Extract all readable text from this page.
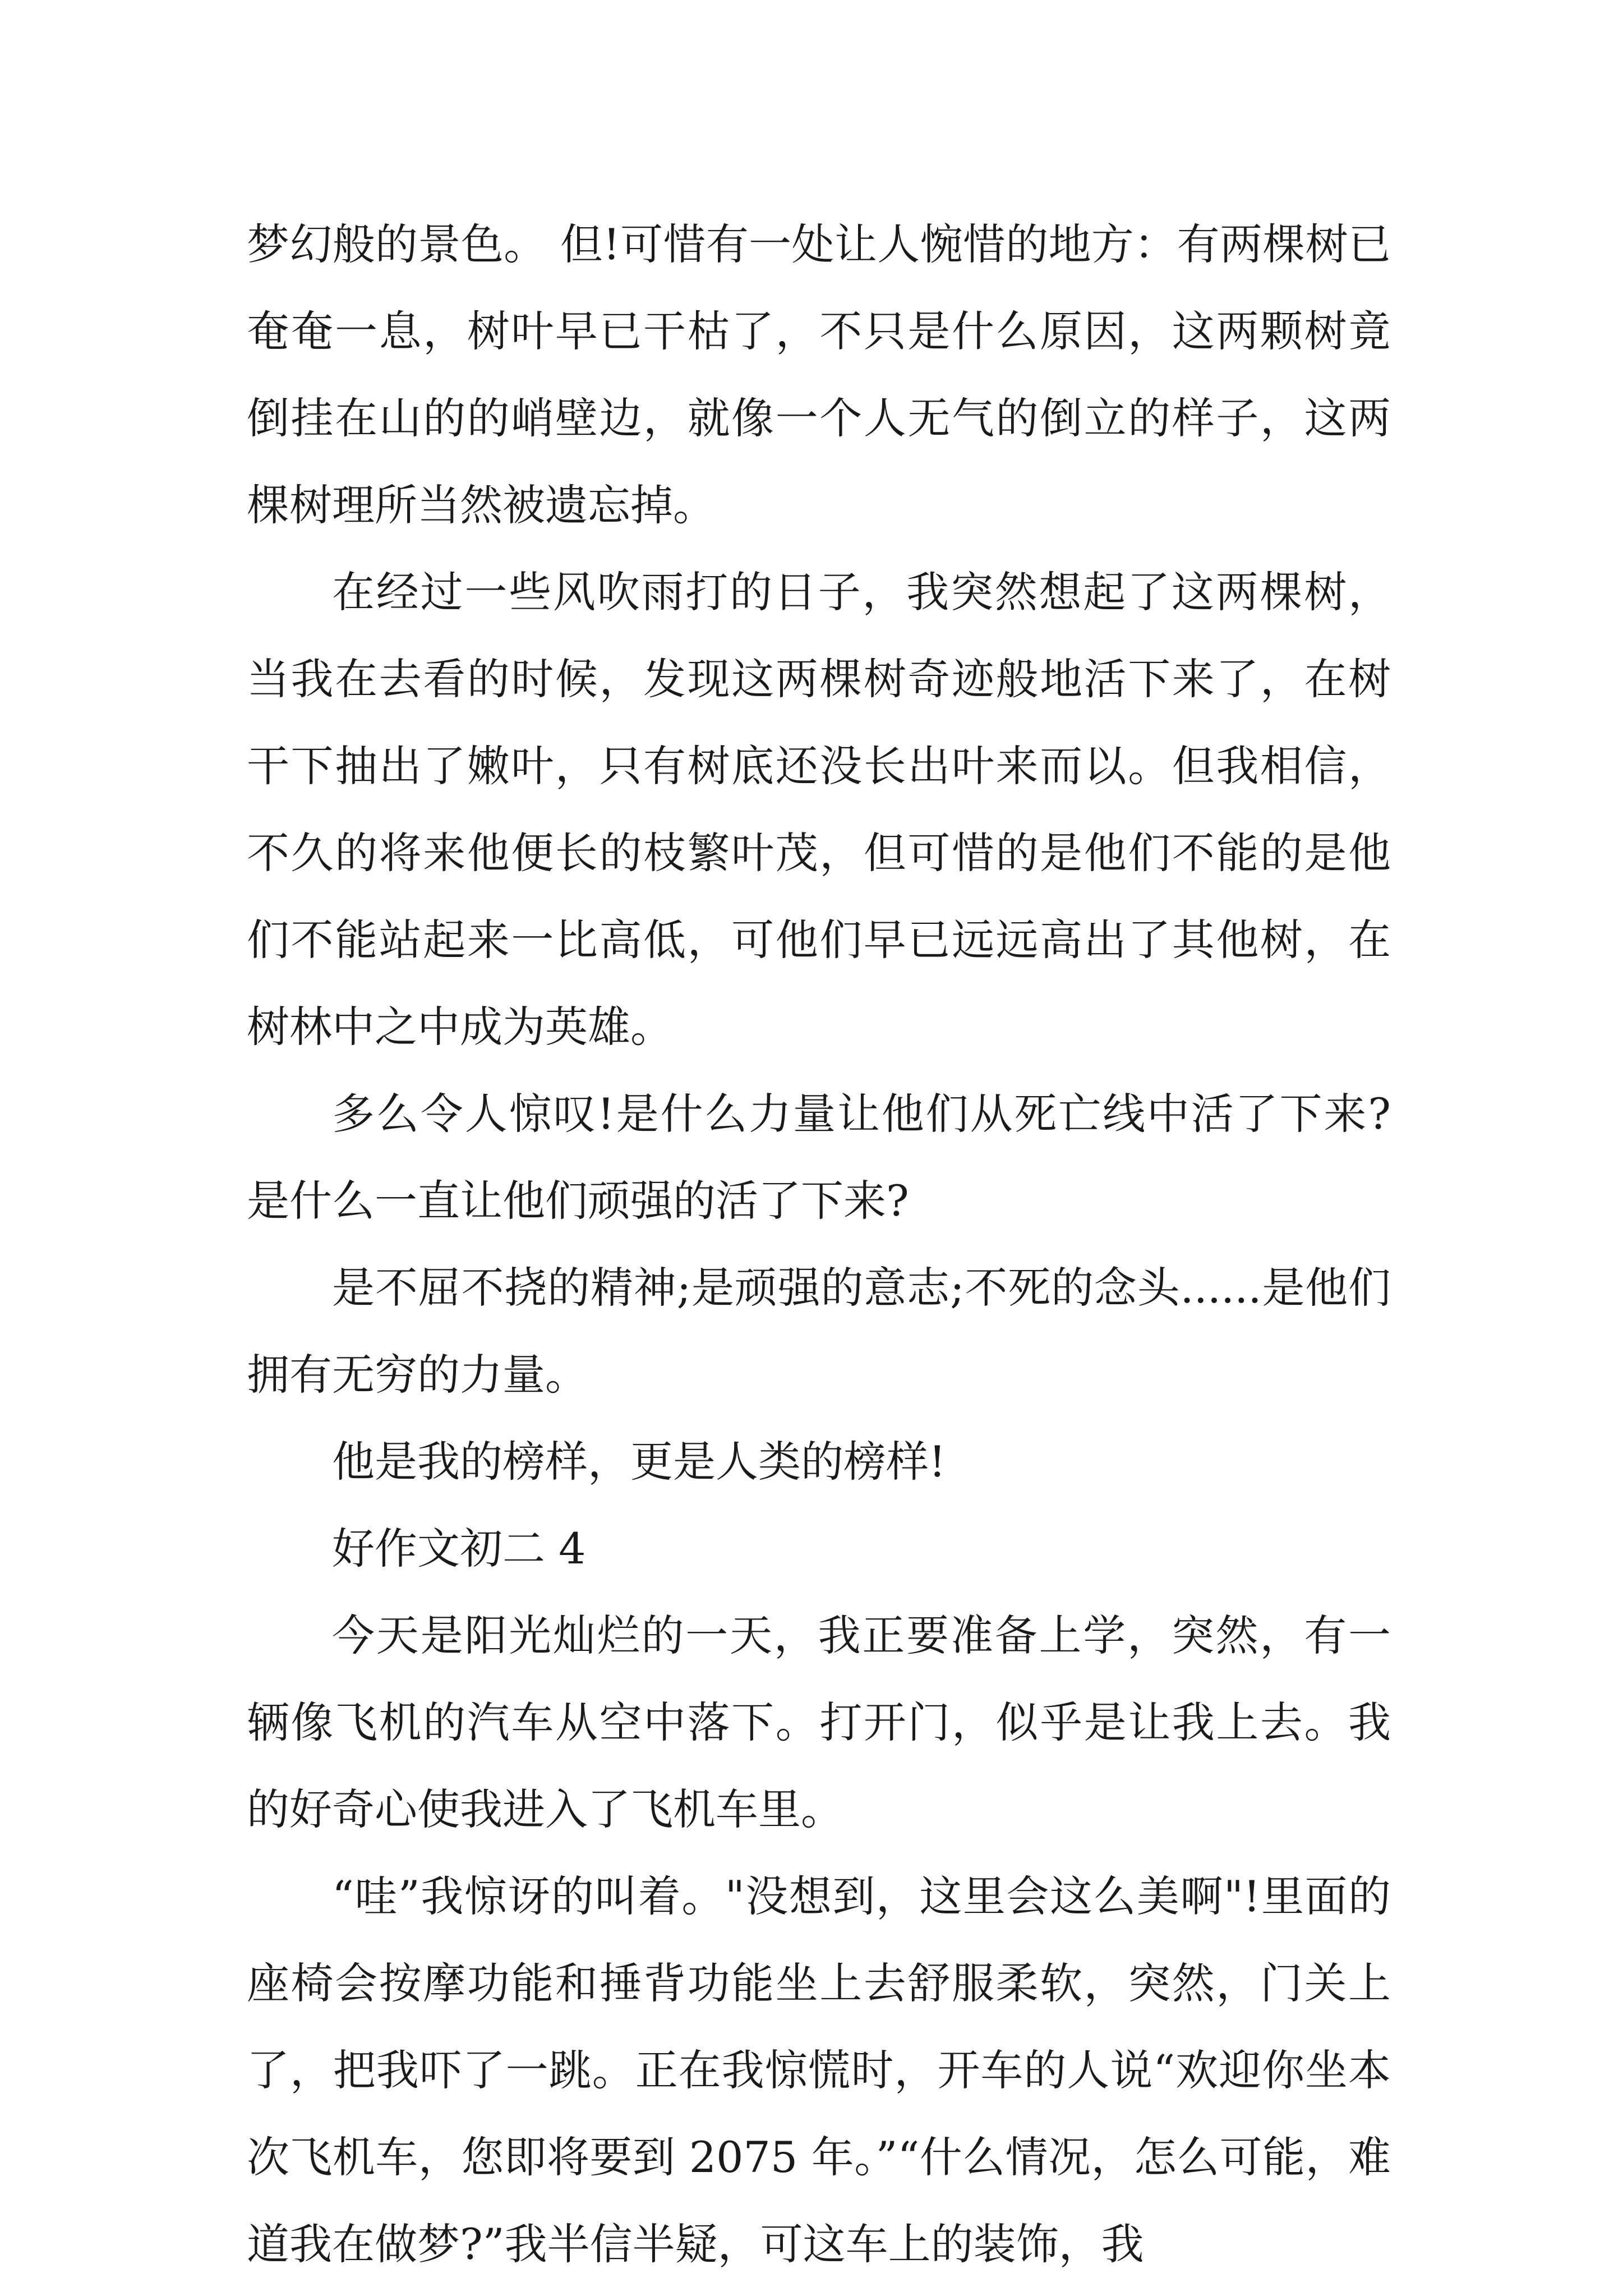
梦幻般的景色。 但!可惜有一处让人惋惜的地方：有两棵树已奄奄一息，树叶早已干枯了，不只是什么原因，这两颗树竟倒挂在山的的峭壁边，就像一个人无气的倒立的样子，这两棵树理所当然被遗忘掉。

在经过一些风吹雨打的日子，我突然想起了这两棵树，当我在去看的时候，发现这两棵树奇迹般地活下来了，在树干下抽出了嫩叶，只有树底还没长出叶来而以。但我相信，不久的将来他便长的枝繁叶茂，但可惜的是他们不能的是他们不能站起来一比高低，可他们早已远远高出了其他树，在树林中之中成为英雄。

多么令人惊叹!是什么力量让他们从死亡线中活了下来?是什么一直让他们顽强的活了下来?

是不屈不挠的精神;是顽强的意志;不死的念头......是他们拥有无穷的力量。

他是我的榜样，更是人类的榜样!

好作文初二 4

今天是阳光灿烂的一天，我正要准备上学，突然，有一辆像飞机的汽车从空中落下。打开门，似乎是让我上去。我的好奇心使我进入了飞机车里。

“哇”我惊讶的叫着。"没想到，这里会这么美啊"!里面的座椅会按摩功能和捶背功能坐上去舒服柔软，突然，门关上了，把我吓了一跳。正在我惊慌时，开车的人说“欢迎你坐本次飞机车，您即将要到 2075 年。”“什么情况，怎么可能，难道我在做梦?”我半信半疑，可这车上的装饰，我
